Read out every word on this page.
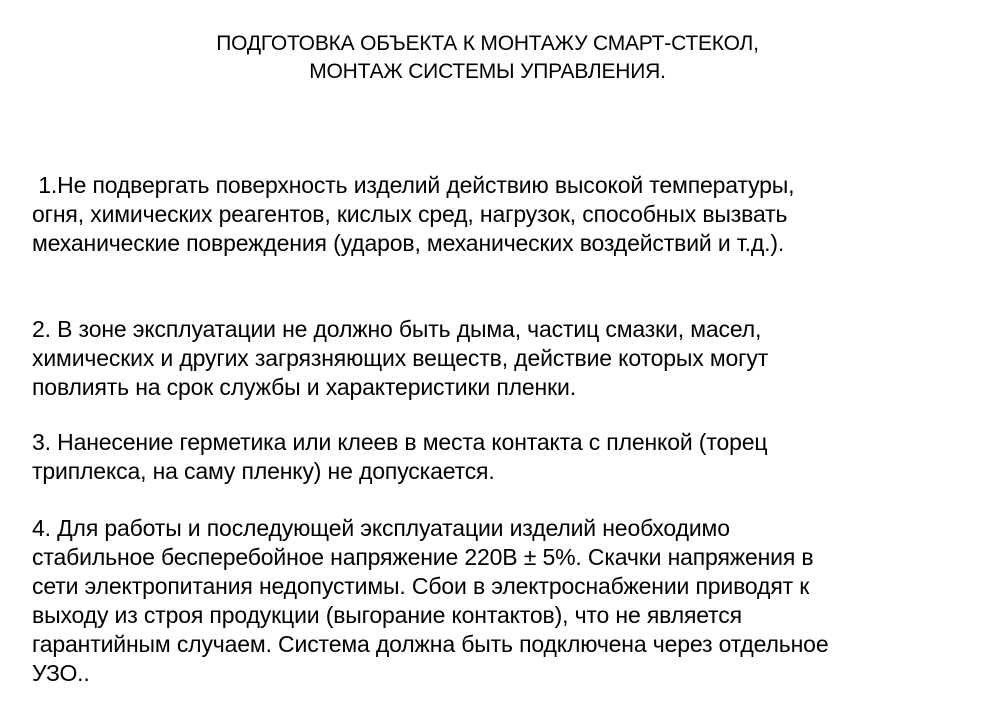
ПОДГОТОВКА ОБЪЕКТА К МОНТАЖУ СМАРТ-СТЕКОЛ,
МОНТАЖ СИСТЕМЫ УПРАВЛЕНИЯ.
1.Не подвергать поверхность изделий действию высокой температуры,
огня, химических реагентов, кислых сред, нагрузок, способных вызвать
механические повреждения (ударов, механических воздействий и т.д.).
2. В зоне эксплуатации не должно быть дыма, частиц смазки, масел,
химических и других загрязняющих веществ, действие которых могут
повлиять на срок службы и характеристики пленки.
3. Нанесение герметика или клеев в места контакта с пленкой (торец
триплекса, на саму пленку) не допускается.
4. Для работы и последующей эксплуатации изделий необходимо
стабильное бесперебойное напряжение 220В ± 5%. Скачки напряжения в
сети электропитания недопустимы. Сбои в электроснабжении приводят к
выходу из строя продукции (выгорание контактов), что не является
гарантийным случаем. Система должна быть подключена через отдельное
УЗО..
